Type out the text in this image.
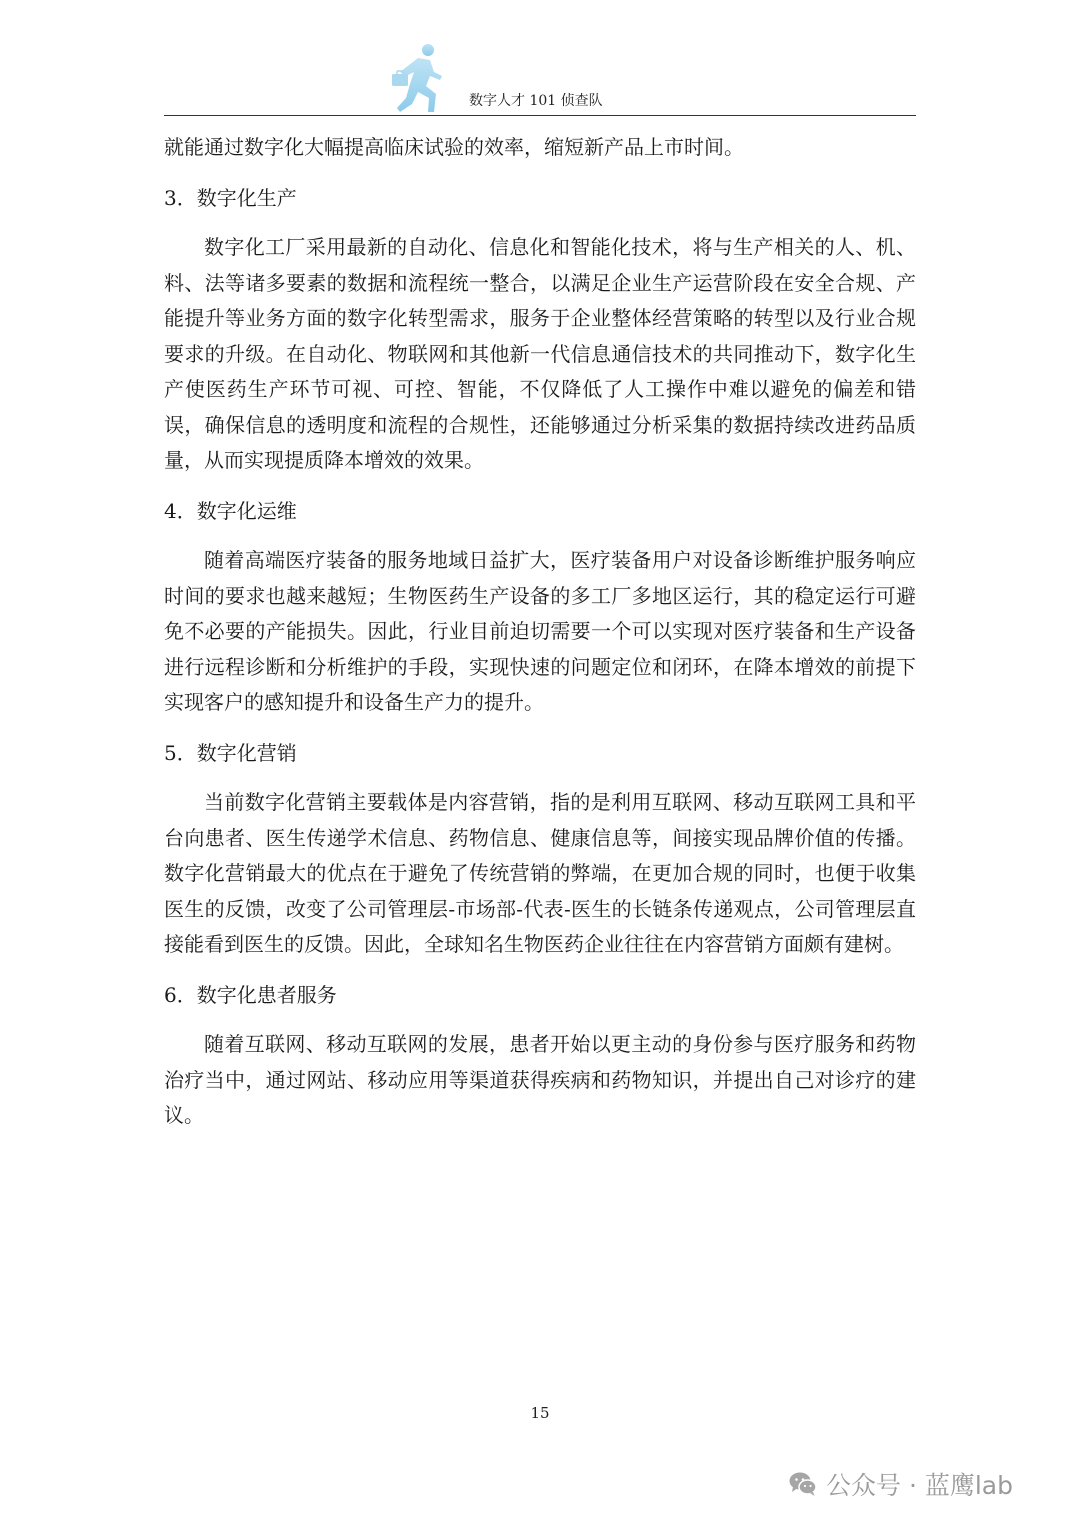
数字人才 101 侦查队

就能通过数字化大幅提高临床试验的效率，缩短新产品上市时间。

3．数字化生产

数字化工厂采用最新的自动化、信息化和智能化技术，将与生产相关的人、机、料、法等诸多要素的数据和流程统一整合，以满足企业生产运营阶段在安全合规、产能提升等业务方面的数字化转型需求，服务于企业整体经营策略的转型以及行业合规要求的升级。在自动化、物联网和其他新一代信息通信技术的共同推动下，数字化生产使医药生产环节可视、可控、智能，不仅降低了人工操作中难以避免的偏差和错误，确保信息的透明度和流程的合规性，还能够通过分析采集的数据持续改进药品质量，从而实现提质降本增效的效果。

4．数字化运维

随着高端医疗装备的服务地域日益扩大，医疗装备用户对设备诊断维护服务响应时间的要求也越来越短；生物医药生产设备的多工厂多地区运行，其的稳定运行可避免不必要的产能损失。因此，行业目前迫切需要一个可以实现对医疗装备和生产设备进行远程诊断和分析维护的手段，实现快速的问题定位和闭环，在降本增效的前提下实现客户的感知提升和设备生产力的提升。

5．数字化营销

当前数字化营销主要载体是内容营销，指的是利用互联网、移动互联网工具和平台向患者、医生传递学术信息、药物信息、健康信息等，间接实现品牌价值的传播。数字化营销最大的优点在于避免了传统营销的弊端，在更加合规的同时，也便于收集医生的反馈，改变了公司管理层-市场部-代表-医生的长链条传递观点，公司管理层直接能看到医生的反馈。因此，全球知名生物医药企业往往在内容营销方面颇有建树。

6．数字化患者服务

随着互联网、移动互联网的发展，患者开始以更主动的身份参与医疗服务和药物治疗当中，通过网站、移动应用等渠道获得疾病和药物知识，并提出自己对诊疗的建议。

15
公众号 · 蓝鹰lab
